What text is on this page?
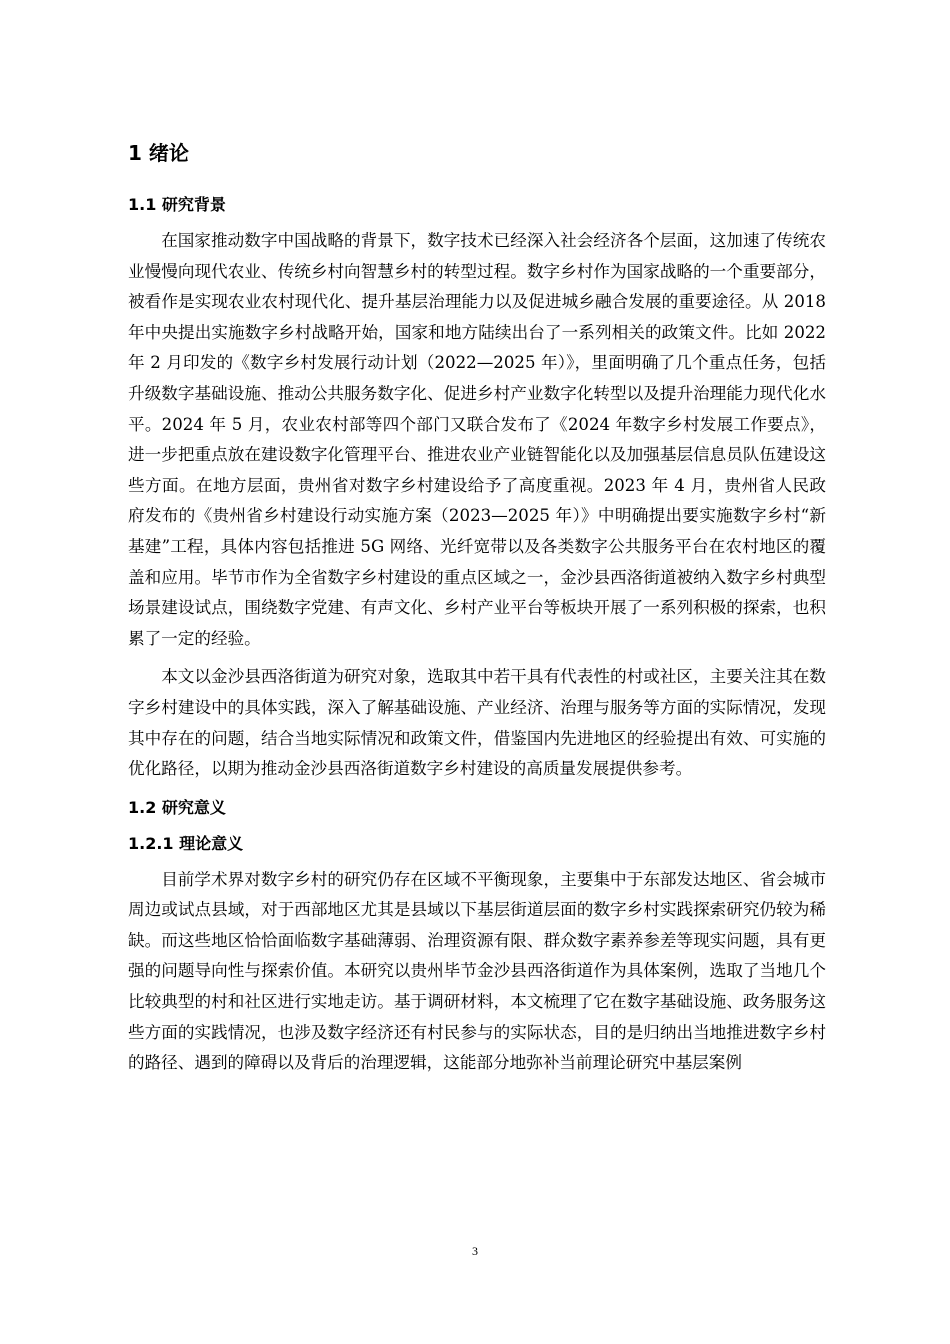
1 绪论
1.1 研究背景

在国家推动数字中国战略的背景下，数字技术已经深入社会经济各个层面，这加速了传统农业慢慢向现代农业、传统乡村向智慧乡村的转型过程。数字乡村作为国家战略的一个重要部分，被看作是实现农业农村现代化、提升基层治理能力以及促进城乡融合发展的重要途径。从 2018 年中央提出实施数字乡村战略开始，国家和地方陆续出台了一系列相关的政策文件。比如 2022 年 2 月印发的《数字乡村发展行动计划（2022—2025 年）》，里面明确了几个重点任务，包括升级数字基础设施、推动公共服务数字化、促进乡村产业数字化转型以及提升治理能力现代化水平。2024 年 5 月，农业农村部等四个部门又联合发布了《2024 年数字乡村发展工作要点》，进一步把重点放在建设数字化管理平台、推进农业产业链智能化以及加强基层信息员队伍建设这些方面。在地方层面，贵州省对数字乡村建设给予了高度重视。2023 年 4 月，贵州省人民政府发布的《贵州省乡村建设行动实施方案（2023—2025 年）》中明确提出要实施数字乡村“新基建”工程，具体内容包括推进 5G 网络、光纤宽带以及各类数字公共服务平台在农村地区的覆盖和应用。毕节市作为全省数字乡村建设的重点区域之一，金沙县西洛街道被纳入数字乡村典型场景建设试点，围绕数字党建、有声文化、乡村产业平台等板块开展了一系列积极的探索，也积累了一定的经验。

本文以金沙县西洛街道为研究对象，选取其中若干具有代表性的村或社区，主要关注其在数字乡村建设中的具体实践，深入了解基础设施、产业经济、治理与服务等方面的实际情况，发现其中存在的问题，结合当地实际情况和政策文件，借鉴国内先进地区的经验提出有效、可实施的优化路径，以期为推动金沙县西洛街道数字乡村建设的高质量发展提供参考。

1.2 研究意义
1.2.1 理论意义

目前学术界对数字乡村的研究仍存在区域不平衡现象，主要集中于东部发达地区、省会城市周边或试点县域，对于西部地区尤其是县域以下基层街道层面的数字乡村实践探索研究仍较为稀缺。而这些地区恰恰面临数字基础薄弱、治理资源有限、群众数字素养参差等现实问题，具有更强的问题导向性与探索价值。本研究以贵州毕节金沙县西洛街道作为具体案例，选取了当地几个比较典型的村和社区进行实地走访。基于调研材料，本文梳理了它在数字基础设施、政务服务这些方面的实践情况，也涉及数字经济还有村民参与的实际状态，目的是归纳出当地推进数字乡村的路径、遇到的障碍以及背后的治理逻辑，这能部分地弥补当前理论研究中基层案例

3
